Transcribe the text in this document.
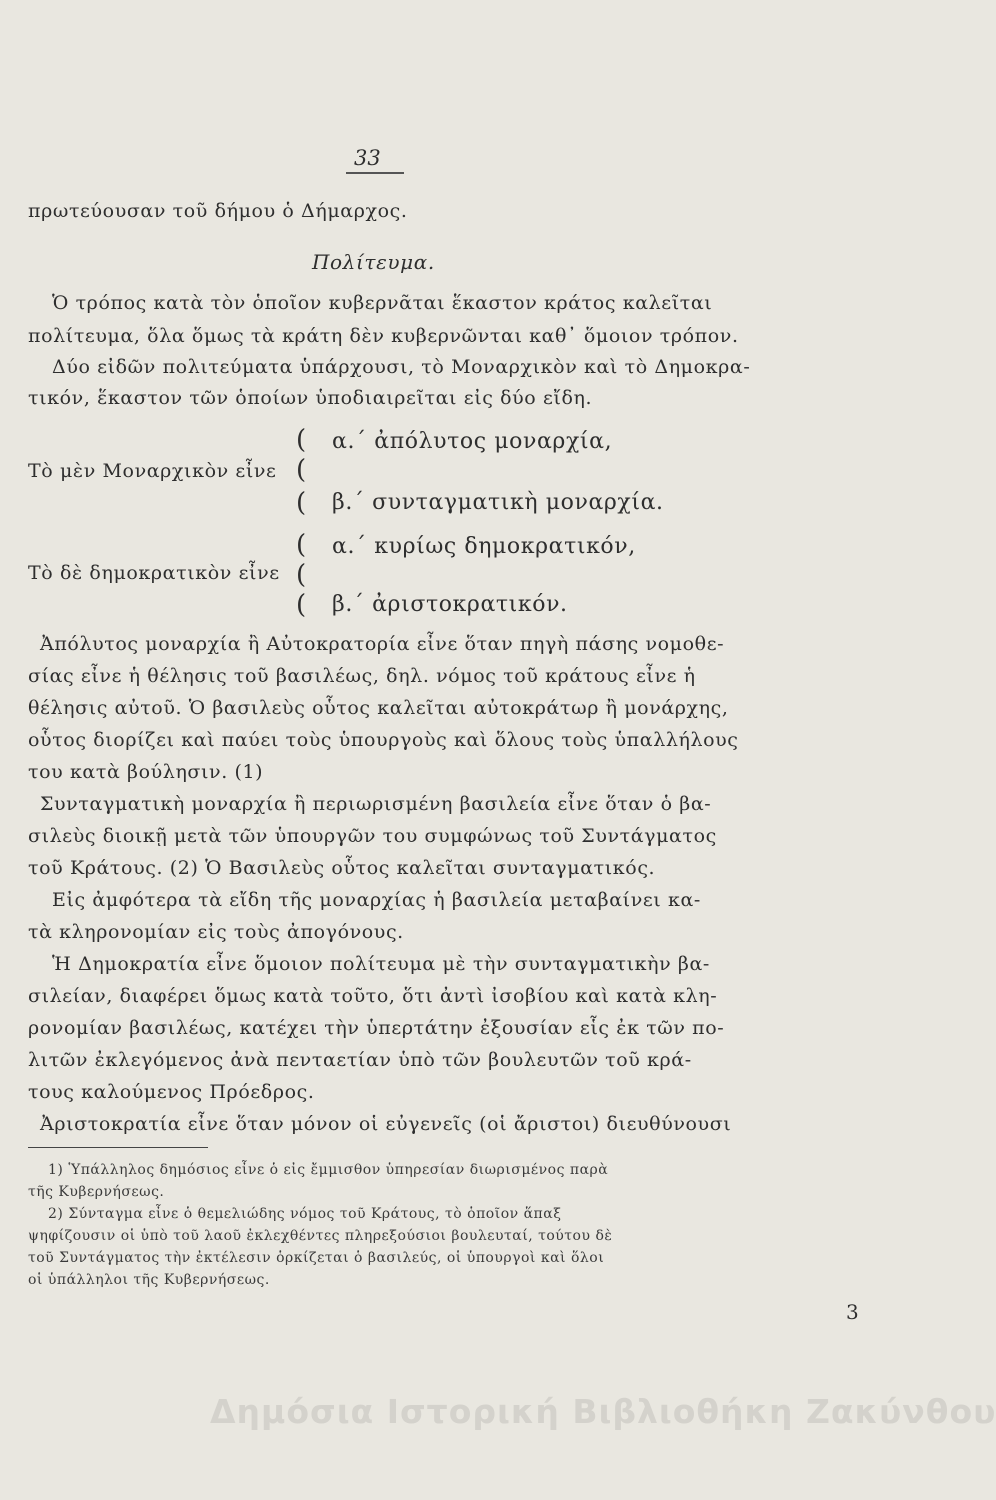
33
πρωτεύουσαν τοῦ δήμου ὁ Δήμαρχος.
Πολίτευμα.
Ὁ τρόπος κατὰ τὸν ὁποῖον κυβερνᾶται ἕκαστον κράτος καλεῖται
πολίτευμα, ὅλα ὅμως τὰ κράτη δὲν κυβερνῶνται καθ᾿ ὅμοιον τρόπον.
Δύο εἰδῶν πολιτεύματα ὑπάρχουσι, τὸ Μοναρχικὸν καὶ τὸ Δημοκρα-
τικόν, ἕκαστον τῶν ὁποίων ὑποδιαιρεῖται εἰς δύο εἴδη.
Τὸ μὲν Μοναρχικὸν εἶνε
(
(
(
α.΄ ἀπόλυτος μοναρχία,
β.΄ συνταγματικὴ μοναρχία.
Τὸ δὲ δημοκρατικὸν εἶνε
(
(
(
α.΄ κυρίως δημοκρατικόν,
β.΄ ἀριστοκρατικόν.
Ἀπόλυτος μοναρχία ἢ Αὐτοκρατορία εἶνε ὅταν πηγὴ πάσης νομοθε-
σίας εἶνε ἡ θέλησις τοῦ βασιλέως, δηλ. νόμος τοῦ κράτους εἶνε ἡ
θέλησις αὐτοῦ. Ὁ βασιλεὺς οὗτος καλεῖται αὐτοκράτωρ ἢ μονάρχης,
οὗτος διορίζει καὶ παύει τοὺς ὑπουργοὺς καὶ ὅλους τοὺς ὑπαλλήλους
του κατὰ βούλησιν. (1)
Συνταγματικὴ μοναρχία ἢ περιωρισμένη βασιλεία εἶνε ὅταν ὁ βα-
σιλεὺς διοικῇ μετὰ τῶν ὑπουργῶν του συμφώνως τοῦ Συντάγματος
τοῦ Κράτους. (2) Ὁ Βασιλεὺς οὗτος καλεῖται συνταγματικός.
Εἰς ἀμφότερα τὰ εἴδη τῆς μοναρχίας ἡ βασιλεία μεταβαίνει κα-
τὰ κληρονομίαν εἰς τοὺς ἀπογόνους.
Ἡ Δημοκρατία εἶνε ὅμοιον πολίτευμα μὲ τὴν συνταγματικὴν βα-
σιλείαν, διαφέρει ὅμως κατὰ τοῦτο, ὅτι ἀντὶ ἰσοβίου καὶ κατὰ κλη-
ρονομίαν βασιλέως, κατέχει τὴν ὑπερτάτην ἐξουσίαν εἷς ἐκ τῶν πο-
λιτῶν ἐκλεγόμενος ἀνὰ πενταετίαν ὑπὸ τῶν βουλευτῶν τοῦ κρά-
τους καλούμενος Πρόεδρος.
Ἀριστοκρατία εἶνε ὅταν μόνον οἱ εὐγενεῖς (οἱ ἄριστοι) διευθύνουσι
1) Ὑπάλληλος δημόσιος εἶνε ὁ εἰς ἔμμισθον ὑπηρεσίαν διωρισμένος παρὰ
τῆς Κυβερνήσεως.
2) Σύνταγμα εἶνε ὁ θεμελιώδης νόμος τοῦ Κράτους, τὸ ὁποῖον ἅπαξ
ψηφίζουσιν οἱ ὑπὸ τοῦ λαοῦ ἐκλεχθέντες πληρεξούσιοι βουλευταί, τούτου δὲ
τοῦ Συντάγματος τὴν ἐκτέλεσιν ὁρκίζεται ὁ βασιλεύς, οἱ ὑπουργοὶ καὶ ὅλοι
οἱ ὑπάλληλοι τῆς Κυβερνήσεως.
3
Δημόσια Ιστορική Βιβλιοθήκη Ζακύνθου
